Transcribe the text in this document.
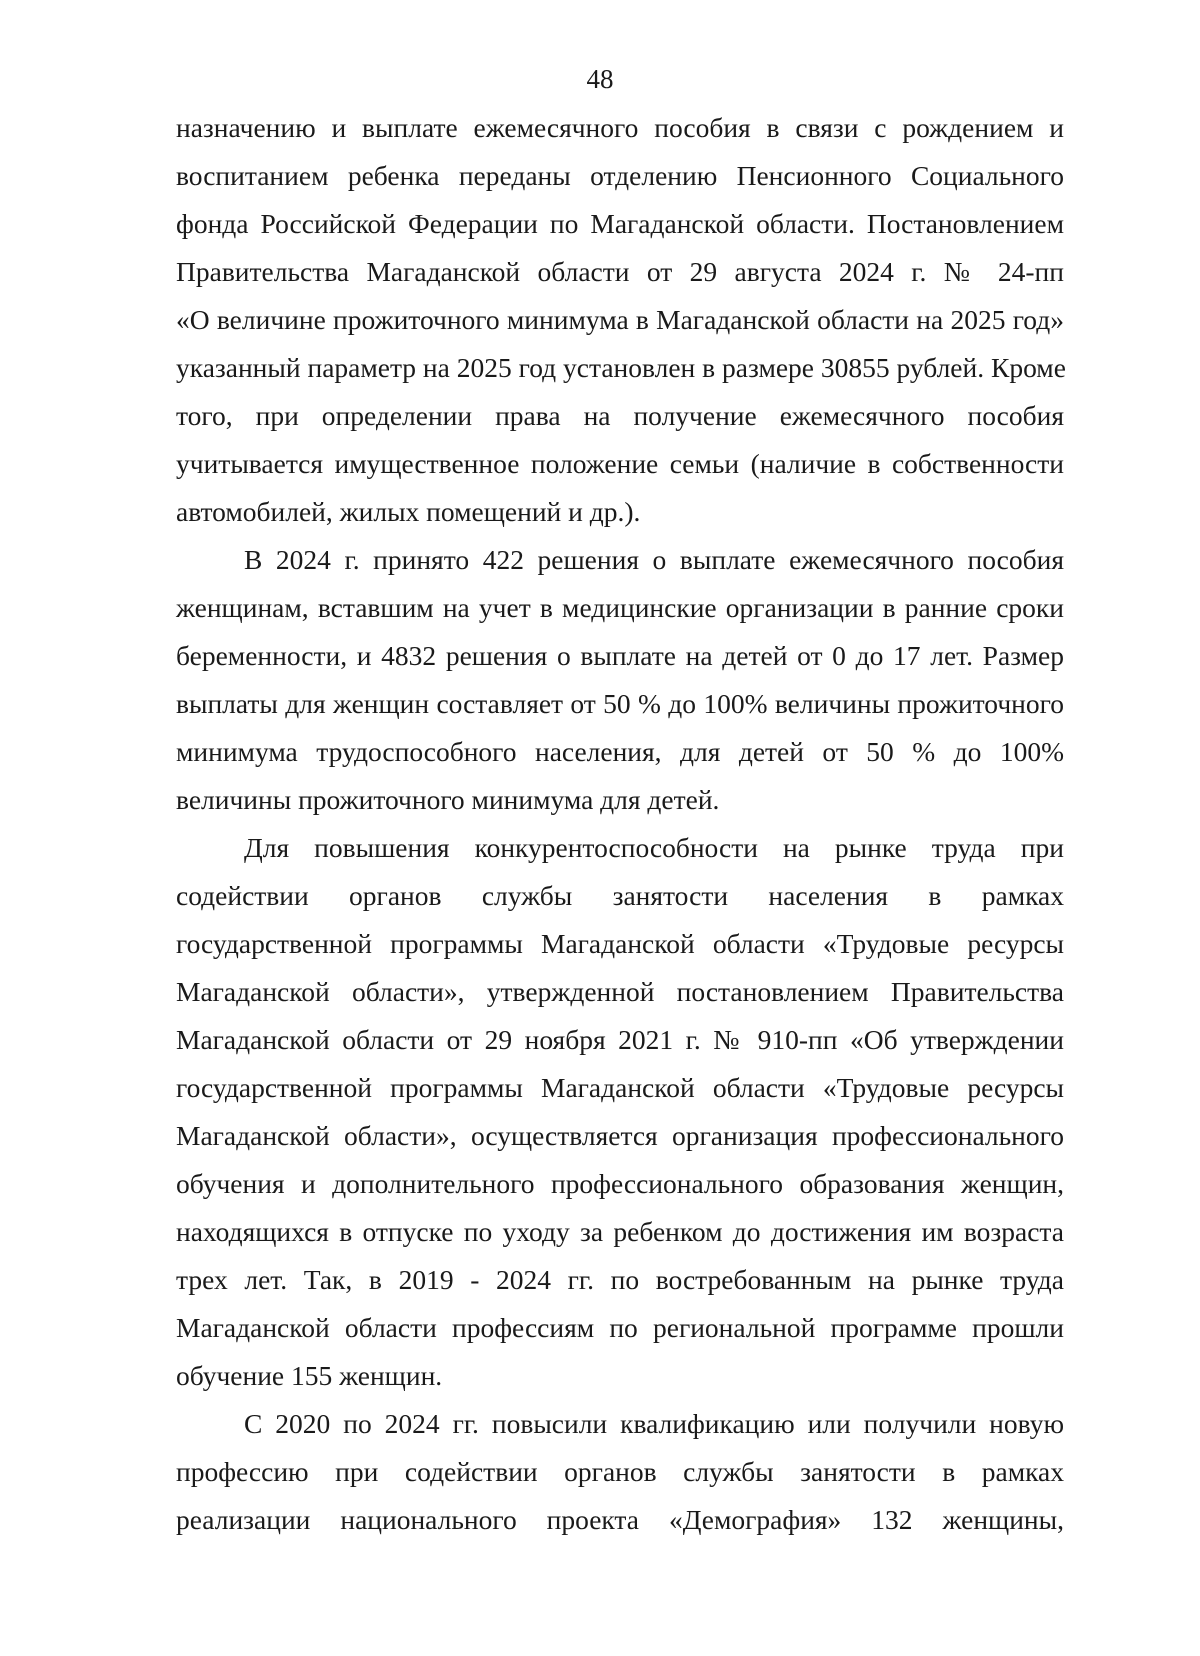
48
назначению и выплате ежемесячного пособия в связи с рождением и
воспитанием ребенка переданы отделению Пенсионного Социального
фонда Российской Федерации по Магаданской области. Постановлением
Правительства Магаданской области от 29 августа 2024 г. № 24-пп
«О величине прожиточного минимума в Магаданской области на 2025 год»
указанный параметр на 2025 год установлен в размере 30855 рублей. Кроме
того, при определении права на получение ежемесячного пособия
учитывается имущественное положение семьи (наличие в собственности
автомобилей, жилых помещений и др.).
В 2024 г. принято 422 решения о выплате ежемесячного пособия
женщинам, вставшим на учет в медицинские организации в ранние сроки
беременности, и 4832 решения о выплате на детей от 0 до 17 лет. Размер
выплаты для женщин составляет от 50 % до 100% величины прожиточного
минимума трудоспособного населения, для детей от 50 % до 100%
величины прожиточного минимума для детей.
Для повышения конкурентоспособности на рынке труда при
содействии органов службы занятости населения в рамках
государственной программы Магаданской области «Трудовые ресурсы
Магаданской области», утвержденной постановлением Правительства
Магаданской области от 29 ноября 2021 г. № 910-пп «Об утверждении
государственной программы Магаданской области «Трудовые ресурсы
Магаданской области», осуществляется организация профессионального
обучения и дополнительного профессионального образования женщин,
находящихся в отпуске по уходу за ребенком до достижения им возраста
трех лет. Так, в 2019 - 2024 гг. по востребованным на рынке труда
Магаданской области профессиям по региональной программе прошли
обучение 155 женщин.
С 2020 по 2024 гг. повысили квалификацию или получили новую
профессию при содействии органов службы занятости в рамках
реализации национального проекта «Демография» 132 женщины,
